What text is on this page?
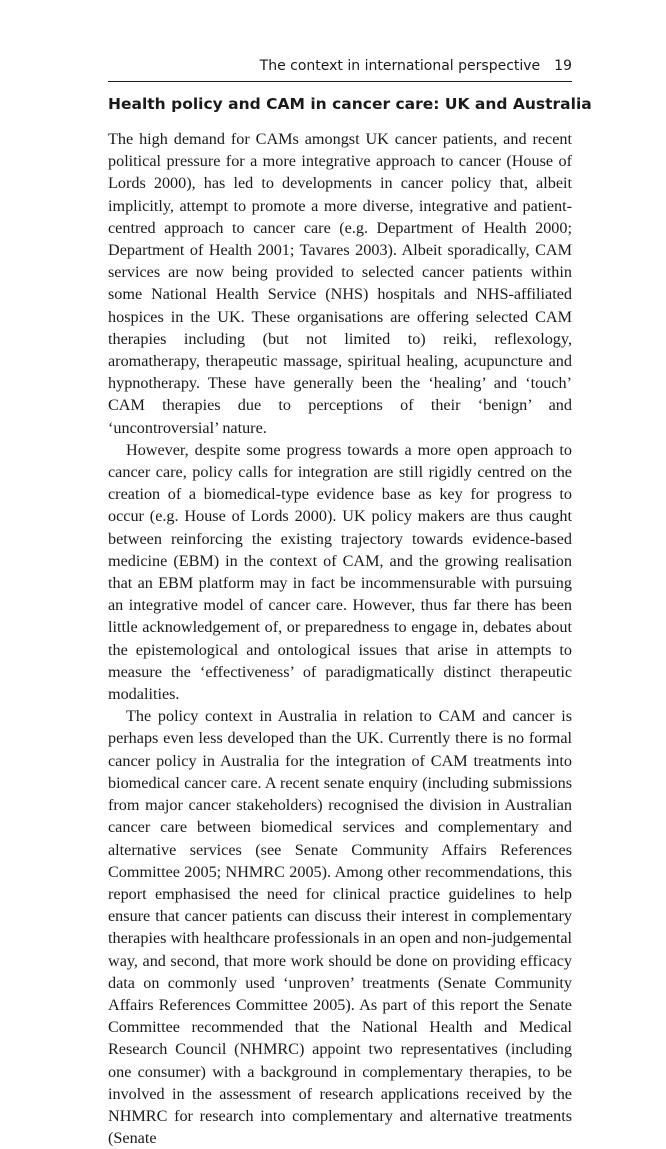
The context in international perspective 19
Health policy and CAM in cancer care: UK and Australia

The high demand for CAMs amongst UK cancer patients, and recent political pressure for a more integrative approach to cancer (House of Lords 2000), has led to developments in cancer policy that, albeit implicitly, attempt to promote a more diverse, integrative and patient-centred approach to cancer care (e.g. Department of Health 2000; Department of Health 2001; Tavares 2003). Albeit sporadically, CAM services are now being provided to selected cancer patients within some National Health Service (NHS) hospitals and NHS-affiliated hospices in the UK. These organisations are offering selected CAM therapies including (but not limited to) reiki, reflexology, aromatherapy, therapeutic massage, spiritual healing, acupuncture and hypnotherapy. These have generally been the ‘healing’ and ‘touch’ CAM therapies due to perceptions of their ‘benign’ and ‘uncontroversial’ nature.

However, despite some progress towards a more open approach to cancer care, policy calls for integration are still rigidly centred on the creation of a biomedical-type evidence base as key for progress to occur (e.g. House of Lords 2000). UK policy makers are thus caught between reinforcing the existing trajectory towards evidence-based medicine (EBM) in the context of CAM, and the growing realisation that an EBM platform may in fact be incommensurable with pursuing an integrative model of cancer care. However, thus far there has been little acknowledgement of, or preparedness to engage in, debates about the epistemological and ontological issues that arise in attempts to measure the ‘effectiveness’ of paradigmatically distinct therapeutic modalities.

The policy context in Australia in relation to CAM and cancer is perhaps even less developed than the UK. Currently there is no formal cancer policy in Australia for the integration of CAM treatments into biomedical cancer care. A recent senate enquiry (including submissions from major cancer stakeholders) recognised the division in Australian cancer care between biomedical services and complementary and alternative services (see Senate Community Affairs References Committee 2005; NHMRC 2005). Among other recommendations, this report emphasised the need for clinical practice guidelines to help ensure that cancer patients can discuss their interest in complementary therapies with healthcare professionals in an open and non-judgemental way, and second, that more work should be done on providing efficacy data on commonly used ‘unproven’ treatments (Senate Community Affairs References Committee 2005). As part of this report the Senate Committee recommended that the National Health and Medical Research Council (NHMRC) appoint two representatives (including one consumer) with a background in complementary therapies, to be involved in the assessment of research applications received by the NHMRC for research into complementary and alternative treatments (Senate
